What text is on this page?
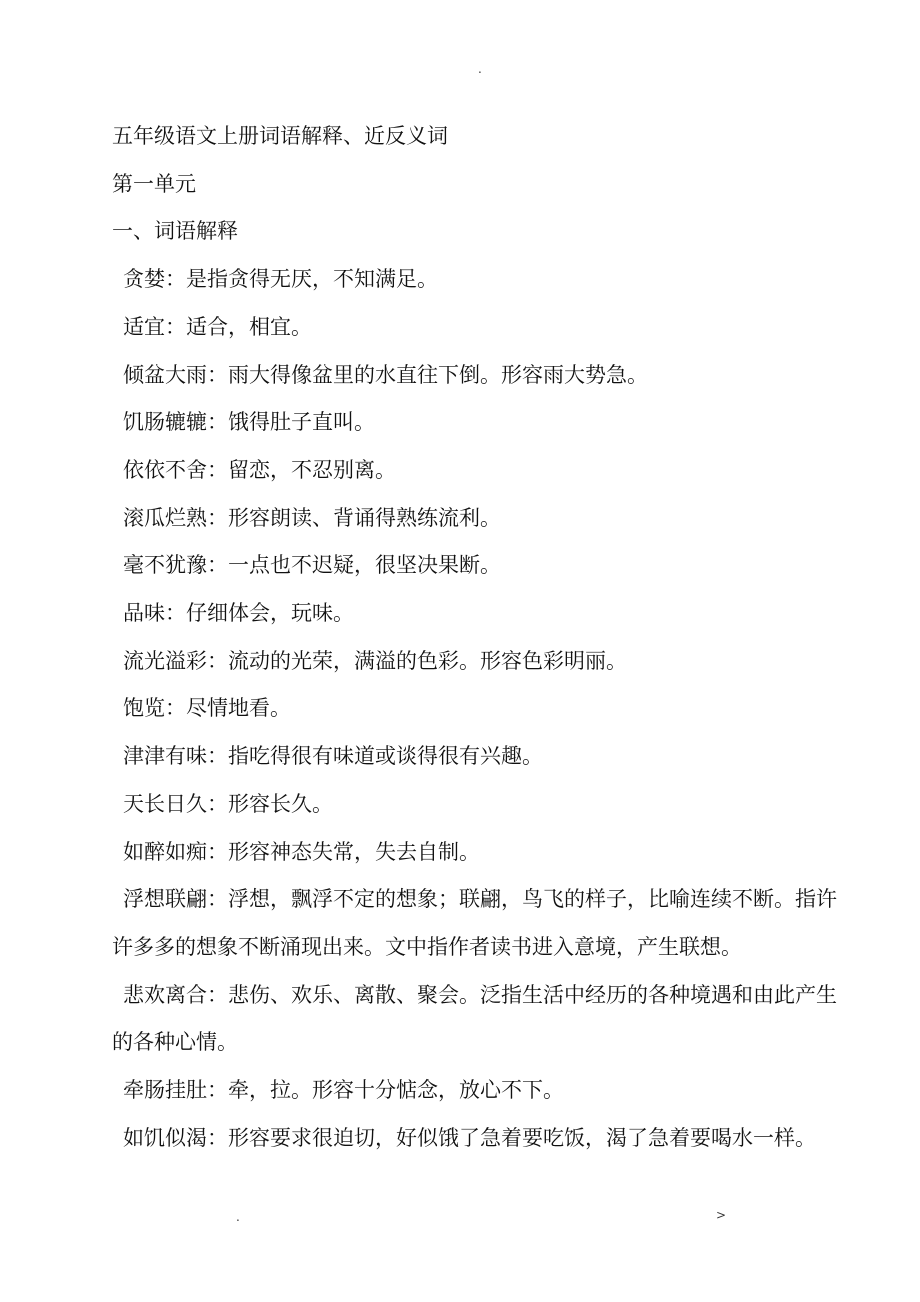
.

五年级语文上册词语解释、近反义词

第一单元

一、词语解释

贪婪：是指贪得无厌，不知满足。

适宜：适合，相宜。

倾盆大雨：雨大得像盆里的水直往下倒。形容雨大势急。

饥肠辘辘：饿得肚子直叫。

依依不舍：留恋，不忍别离。

滚瓜烂熟：形容朗读、背诵得熟练流利。

毫不犹豫：一点也不迟疑，很坚决果断。

品味：仔细体会，玩味。

流光溢彩：流动的光荣，满溢的色彩。形容色彩明丽。

饱览：尽情地看。

津津有味：指吃得很有味道或谈得很有兴趣。

天长日久：形容长久。

如醉如痴：形容神态失常，失去自制。

浮想联翩：浮想，飘浮不定的想象；联翩，鸟飞的样子，比喻连续不断。指许许多多的想象不断涌现出来。文中指作者读书进入意境，产生联想。

悲欢离合：悲伤、欢乐、离散、聚会。泛指生活中经历的各种境遇和由此产生的各种心情。

牵肠挂肚：牵，拉。形容十分惦念，放心不下。

如饥似渴：形容要求很迫切，好似饿了急着要吃饭，渴了急着要喝水一样。

.	>
